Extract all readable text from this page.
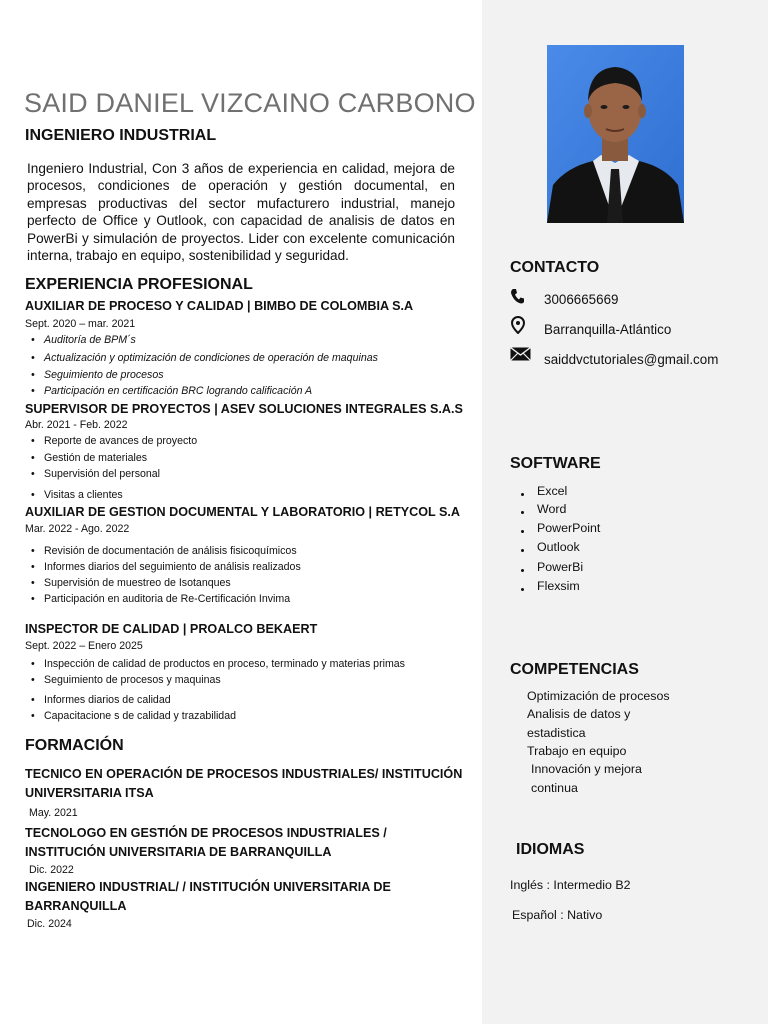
SAID DANIEL VIZCAINO CARBONO
INGENIERO INDUSTRIAL
Ingeniero Industrial, Con 3 años de experiencia en calidad, mejora de procesos, condiciones de operación y gestión documental, en empresas productivas del sector mufacturero industrial, manejo perfecto de Office y Outlook, con capacidad de analisis de datos en PowerBi y simulación de proyectos. Lider con excelente comunicación interna, trabajo en equipo, sostenibilidad y seguridad.
EXPERIENCIA PROFESIONAL
AUXILIAR DE PROCESO Y CALIDAD | BIMBO DE COLOMBIA S.A
Sept. 2020 – mar. 2021
• Auditoría de BPM´s
• Actualización y optimización de condiciones de operación de maquinas
• Seguimiento de procesos
• Participación en certificación BRC logrando calificación A
SUPERVISOR DE PROYECTOS | ASEV SOLUCIONES INTEGRALES S.A.S
Abr. 2021 - Feb. 2022
• Reporte de avances de proyecto
• Gestión de materiales
• Supervisión del personal
• Visitas a clientes
AUXILIAR DE GESTION DOCUMENTAL Y LABORATORIO | RETYCOL S.A
Mar. 2022 - Ago. 2022
• Revisión de documentación de análisis fisicoquímicos
• Informes diarios del seguimiento de análisis realizados
• Supervisión de muestreo de Isotanques
• Participación en auditoria de Re-Certificación Invima
INSPECTOR DE CALIDAD | PROALCO BEKAERT
Sept. 2022 – Enero 2025
• Inspección de calidad de productos en proceso, terminado y materias primas
• Seguimiento de procesos y maquinas
• Informes diarios de calidad
• Capacitacione s de calidad y trazabilidad
FORMACIÓN
TECNICO EN OPERACIÓN DE PROCESOS INDUSTRIALES/ INSTITUCIÓN UNIVERSITARIA ITSA
May. 2021
TECNOLOGO EN GESTIÓN DE PROCESOS INDUSTRIALES / INSTITUCIÓN UNIVERSITARIA DE BARRANQUILLA
Dic. 2022
INGENIERO INDUSTRIAL/ / INSTITUCIÓN UNIVERSITARIA DE BARRANQUILLA
Dic. 2024
CONTACTO
3006665669
Barranquilla-Atlántico
saiddvctutoriales@gmail.com
SOFTWARE
Excel
Word
PowerPoint
Outlook
PowerBi
Flexsim
COMPETENCIAS
Optimización de procesos
Analisis de datos y estadistica
Trabajo en equipo
Innovación y mejora continua
IDIOMAS
Inglés : Intermedio B2
Español : Nativo
